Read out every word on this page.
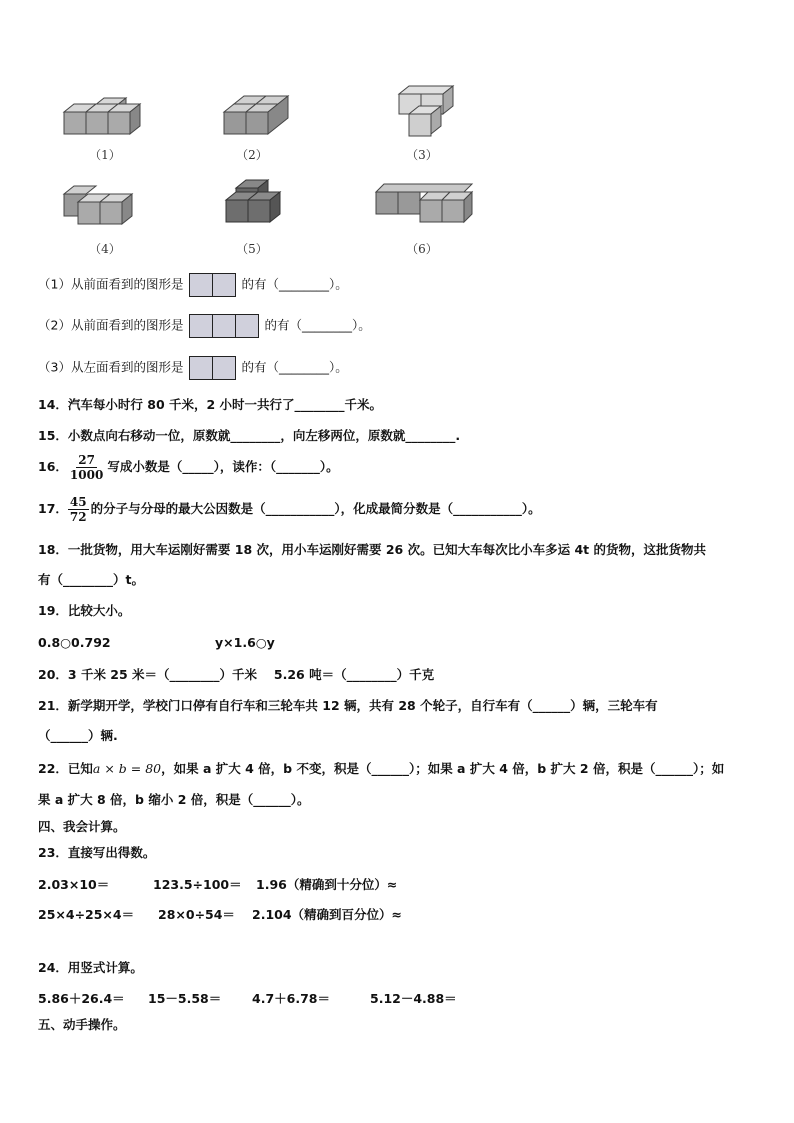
（1）	（2）	（3）
（4）	（5）	（6）
（1）从前面看到的图形是	的有（________）。
（2）从前面看到的图形是	的有（________）。
（3）从左面看到的图形是	的有（________）。
14．汽车每小时行 80 千米，2 小时一共行了________千米。
15．小数点向右移动一位，原数就________，向左移两位，原数就________.
16． $\frac{27}{1000}$ 写成小数是（_____），读作：（_______）。
17． $\frac{45}{72}$ 的分子与分母的最大公因数是（___________），化成最简分数是（___________）。
18．一批货物，用大车运刚好需要 18 次，用小车运刚好需要 26 次。已知大车每次比小车多运 4t 的货物，这批货物共
有（________）t。
19．比较大小。
0.8○0.792	y×1.6○y
20．3 千米 25 米＝（________）千米　 5.26 吨＝（________）千克
21．新学期开学，学校门口停有自行车和三轮车共 12 辆，共有 28 个轮子，自行车有（______）辆，三轮车有
（______）辆.
22．已知a × b = 80，如果 a 扩大 4 倍，b 不变，积是（______）；如果 a 扩大 4 倍，b 扩大 2 倍，积是（______）；如
果 a 扩大 8 倍，b 缩小 2 倍，积是（______）。
四、我会计算。
23．直接写出得数。
2.03×10＝	123.5÷100＝ 1.96（精确到十分位）≈
25×4÷25×4＝ 28×0÷54＝ 2.104（精确到百分位）≈
24．用竖式计算。
5.86＋26.4＝ 15－5.58＝ 4.7＋6.78＝	5.12－4.88＝
五、动手操作。
